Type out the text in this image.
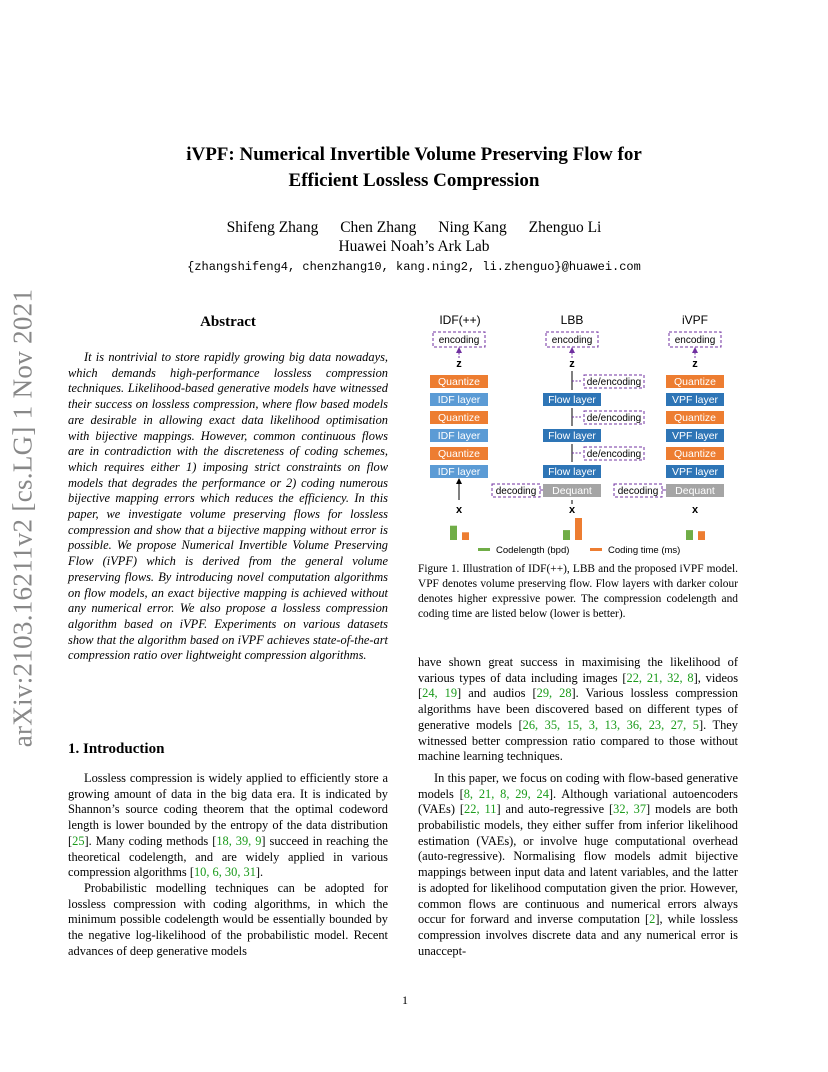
arXiv:2103.16211v2 [cs.LG] 1 Nov 2021
iVPF: Numerical Invertible Volume Preserving Flow for
Efficient Lossless Compression
Shifeng Zhang Chen Zhang Ning Kang Zhenguo Li
Huawei Noah’s Ark Lab
{zhangshifeng4, chenzhang10, kang.ning2, li.zhenguo}@huawei.com
Abstract
It is nontrivial to store rapidly growing big data nowadays, which demands high-performance lossless compression techniques. Likelihood-based generative models have witnessed their success on lossless compression, where flow based models are desirable in allowing exact data likelihood optimisation with bijective mappings. However, common continuous flows are in contradiction with the discreteness of coding schemes, which requires either 1) imposing strict constraints on flow models that degrades the performance or 2) coding numerous bijective mapping errors which reduces the efficiency. In this paper, we investigate volume preserving flows for lossless compression and show that a bijective mapping without error is possible. We propose Numerical Invertible Volume Preserving Flow (iVPF) which is derived from the general volume preserving flows. By introducing novel computation algorithms on flow models, an exact bijective mapping is achieved without any numerical error. We also propose a lossless compression algorithm based on iVPF. Experiments on various datasets show that the algorithm based on iVPF achieves state-of-the-art compression ratio over lightweight compression algorithms.
1. Introduction

Lossless compression is widely applied to efficiently store a growing amount of data in the big data era. It is indicated by Shannon’s source coding theorem that the optimal codeword length is lower bounded by the entropy of the data distribution [25]. Many coding methods [18, 39, 9] succeed in reaching the theoretical codelength, and are widely applied in various compression algorithms [10, 6, 30, 31].

Probabilistic modelling techniques can be adopted for lossless compression with coding algorithms, in which the minimum possible codelength would be essentially bounded by the negative log-likelihood of the probabilistic model. Recent advances of deep generative models

IDF(++)	LBB	iVPF
encoding	encoding	encoding
z	z	z
Quantize
IDF layer
Quantize
IDF layer
Quantize
IDF layer
x
Flow layer
Flow layer
Flow layer
Dequant
x
de/encoding
de/encoding
de/encoding
decoding
Quantize
VPF layer
Quantize
VPF layer
Quantize
VPF layer
Dequant
x
decoding
Codelength (bpd)	Coding time (ms)
Figure 1. Illustration of IDF(++), LBB and the proposed iVPF model. VPF denotes volume preserving flow. Flow layers with darker colour denotes higher expressive power. The compression codelength and coding time are listed below (lower is better).

have shown great success in maximising the likelihood of various types of data including images [22, 21, 32, 8], videos [24, 19] and audios [29, 28]. Various lossless compression algorithms have been discovered based on different types of generative models [26, 35, 15, 3, 13, 36, 23, 27, 5]. They witnessed better compression ratio compared to those without machine learning techniques.

In this paper, we focus on coding with flow-based generative models [8, 21, 8, 29, 24]. Although variational autoencoders (VAEs) [22, 11] and auto-regressive [32, 37] models are both probabilistic models, they either suffer from inferior likelihood estimation (VAEs), or involve huge computational overhead (auto-regressive). Normalising flow models admit bijective mappings between input data and latent variables, and the latter is adopted for likelihood computation given the prior. However, common flows are continuous and numerical errors always occur for forward and inverse computation [2], while lossless compression involves discrete data and any numerical error is unaccept-

1
